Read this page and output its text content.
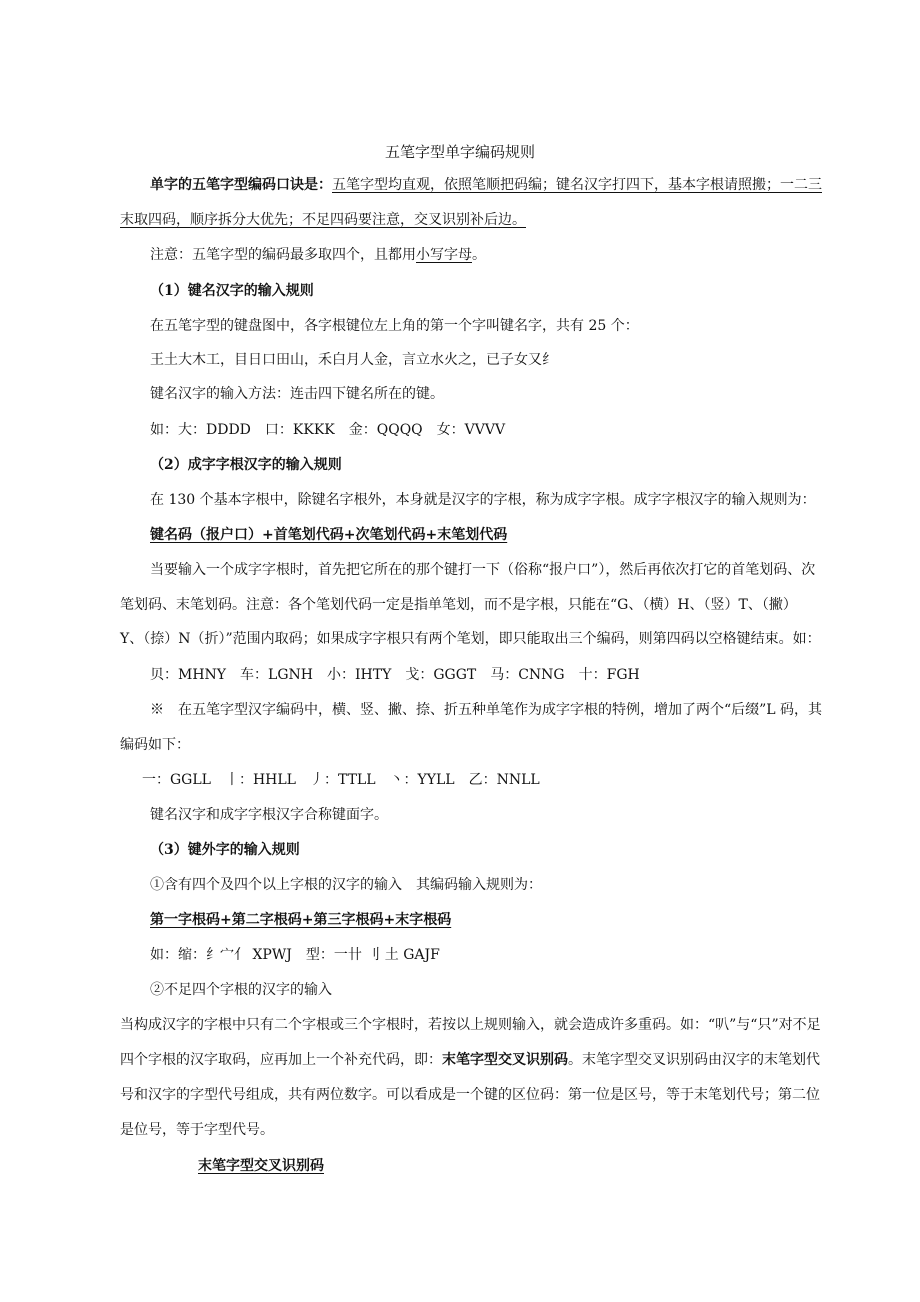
五笔字型单字编码规则
单字的五笔字型编码口诀是：五笔字型均直观，依照笔顺把码编；键名汉字打四下，基本字根请照搬；一二三
末取四码，顺序拆分大优先；不足四码要注意，交叉识别补后边。
注意：五笔字型的编码最多取四个，且都用小写字母。
（1）键名汉字的输入规则
在五笔字型的键盘图中，各字根键位左上角的第一个字叫键名字，共有 25 个：
王土大木工，目日口田山，禾白月人金，言立水火之，已子女又纟
键名汉字的输入方法：连击四下键名所在的键。
如：大：DDDD 口：KKKK 金：QQQQ 女：VVVV
（2）成字字根汉字的输入规则
在 130 个基本字根中，除键名字根外，本身就是汉字的字根，称为成字字根。成字字根汉字的输入规则为：
键名码（报户口）+首笔划代码+次笔划代码+末笔划代码
当要输入一个成字字根时，首先把它所在的那个键打一下（俗称“报户口”），然后再依次打它的首笔划码、次
笔划码、末笔划码。注意：各个笔划代码一定是指单笔划，而不是字根，只能在“G、（横）H、（竖）T、（撇）
Y、（捺）N（折）”范围内取码；如果成字字根只有两个笔划，即只能取出三个编码，则第四码以空格键结束。如：
贝：MHNY 车：LGNH 小：IHTY 戈：GGGT 马：CNNG 十：FGH
※　在五笔字型汉字编码中，横、竖、撇、捺、折五种单笔作为成字字根的特例，增加了两个“后缀”L 码，其
编码如下：
一：GGLL 丨：HHLL 丿：TTLL 丶：YYLL 乙：NNLL
键名汉字和成字字根汉字合称键面字。
（3）键外字的输入规则
①含有四个及四个以上字根的汉字的输入　其编码输入规则为：
第一字根码+第二字根码+第三字根码+末字根码
如：缩：纟宀亻 XPWJ 型：一卄 刂 土 GAJF
②不足四个字根的汉字的输入
当构成汉字的字根中只有二个字根或三个字根时，若按以上规则输入，就会造成许多重码。如：“叭”与“只”对不足
四个字根的汉字取码，应再加上一个补充代码，即：末笔字型交叉识别码。末笔字型交叉识别码由汉字的末笔划代
号和汉字的字型代号组成，共有两位数字。可以看成是一个键的区位码：第一位是区号，等于末笔划代号；第二位
是位号，等于字型代号。
末笔字型交叉识别码
